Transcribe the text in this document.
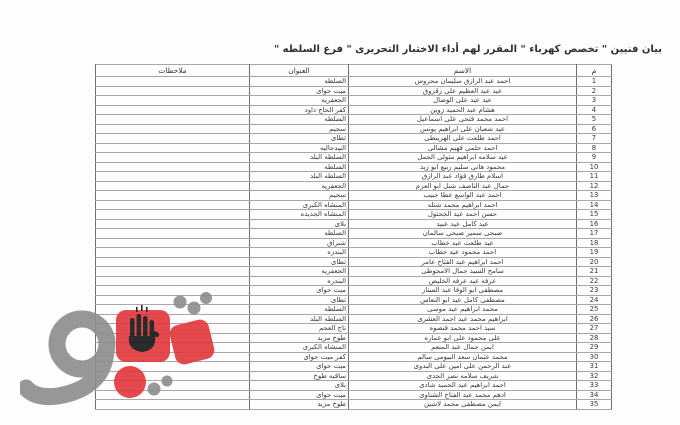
بيان فنيين " تخصص كهرباء " المقرر لهم أداء الاختبار التحريرى " فرع السلطه "
م	الاسم	العنوان	ملاحظات
1	احمد عبد الرازق سليمان محروس	السلطه	
2	عيد عبد العظيم على زقزوق	ميت حواى	
3	عيد عيد على الوصال	الجعفريه	
4	هشام عبد الحميد زوين	كفر الحاج داود	
5	احمد محمد فتحى على اسماعيل	السلطه	
6	عيد شعبان على ابراهيم يونس	سحيم	
7	احمد طلعت على الهريبطى	تطاى	
8	احمد حلمى فهيم مشالى	البيدجاليه	
9	عيد سلامه ابراهيم متولى الجمل	السلطه البلد	
10	محمود هانى سليم ربيع ابو زيد	السلطه	
11	اسلام طارق فؤاد عبد الرازق	السلطه البلد	
12	جمال عبد الناصف شبل ابو العزم	الجعفريه	
13	احمد عبد الواسع عطا حبيب	سحيم	
14	احمد ابراهيم محمد شتله	المنشاه الكبرى	
15	حسن احمد عيد الجحتول	المنشاه الجديده	
16	عيد كامل عيد عبيد	بلاى	
17	صبحى سمير صبحى سالمان	السلطه	
18	عيد طلعت عيد خطاب	شبراق	
19	احمد محمود عيد خطاب	البندره	
20	احمد ابراهيم عبد الفتاح عامر	تطاى	
21	سامح السيد جمال الامحوطى	الجعفريه	
22	عرفه عيد عرفه الخليص	البندره	
23	مصطفى ابو الوفا عبد الستار	ميت حواى	
24	مصطفى كامل عيد ابو النعاس	تطاى	
25	محمد ابراهيم عيد موسى	السلطه	
26	ابراهيم محمد عيد احمد العشرى	السلطه البلد	
27	سيد احمد محمد قنصوه	تاج العجم	
28	على محمود على ابو عماره	طوخ مزيد	
29	ايمن جمال عبد المنعم	المنشاه الكبرى	
30	محمد عثمان سعد البيومى سالم	كفر ميت حواى	
31	عبد الرحمن على امين على البدوى	ميت حواى	
32	شريف سلامه نصر الجدى	ساقيه طوخ	
33	احمد ابراهيم عبد الحميد شادى	بلاى	
34	ادهم محمد عبد الفتاح الشناوى	ميت حواى	
35	ايمن مصطفى محمد لاشين	طوخ مزيد	
